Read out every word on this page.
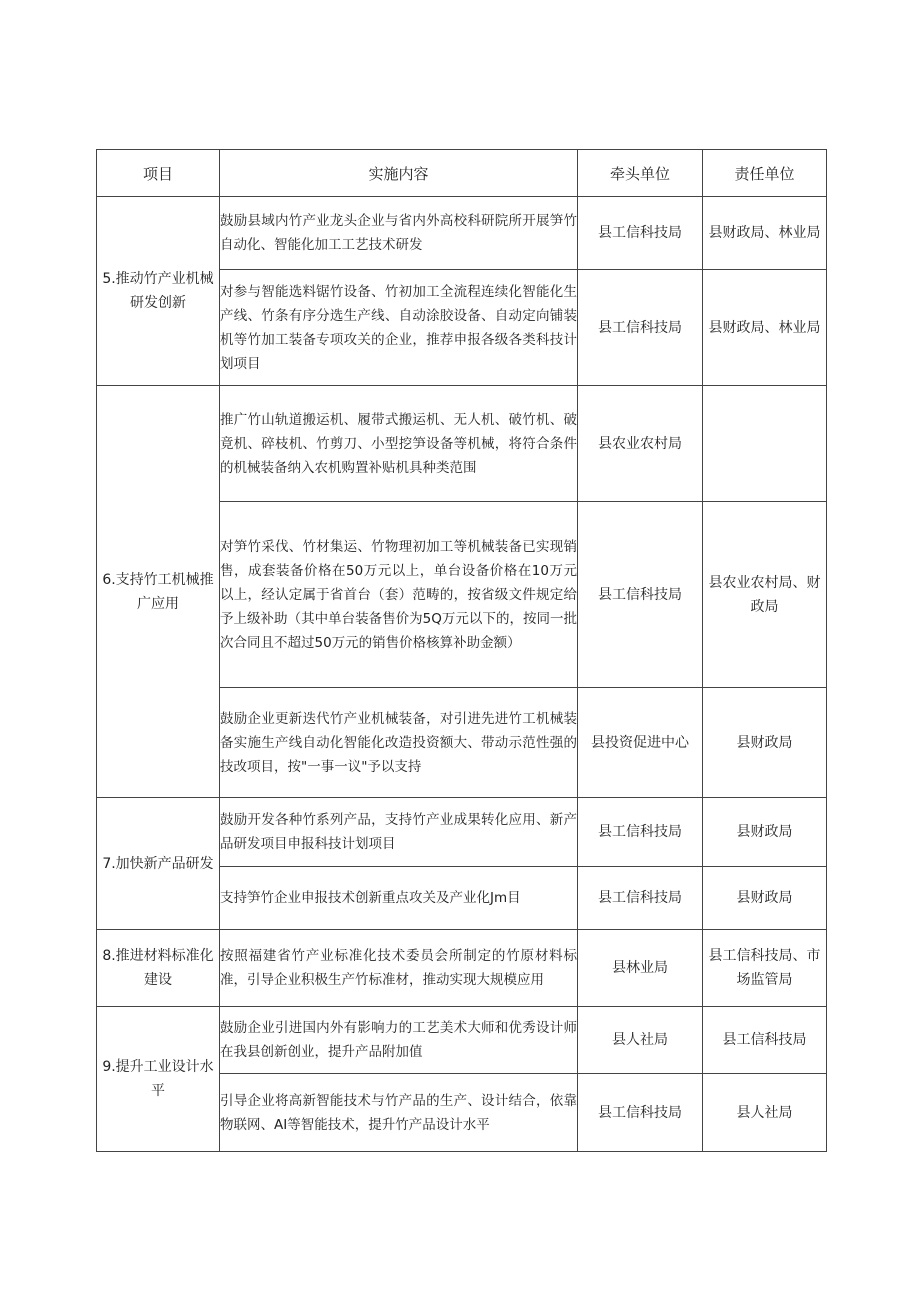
项目	实施内容	牵头单位	责任单位
5.推动竹产业机械研发创新	鼓励县域内竹产业龙头企业与省内外高校科研院所开展笋竹自动化、智能化加工工艺技术研发	县工信科技局	县财政局、林业局
	对参与智能选料锯竹设备、竹初加工全流程连续化智能化生产线、竹条有序分选生产线、自动涂胶设备、自动定向铺装机等竹加工装备专项攻关的企业，推荐申报各级各类科技计划项目	县工信科技局	县财政局、林业局
6.支持竹工机械推广应用	推广竹山轨道搬运机、履带式搬运机、无人机、破竹机、破竟机、碎枝机、竹剪刀、小型挖笋设备等机械，将符合条件的机械装备纳入农机购置补贴机具种类范围	县农业农村局	
	对笋竹采伐、竹材集运、竹物理初加工等机械装备已实现销售，成套装备价格在50万元以上，单台设备价格在10万元以上，经认定属于省首台（套）范畴的，按省级文件规定给予上级补助（其中单台装备售价为5Q万元以下的，按同一批次合同且不超过50万元的销售价格核算补助金额）	县工信科技局	县农业农村局、财政局
	鼓励企业更新迭代竹产业机械装备，对引进先进竹工机械装备实施生产线自动化智能化改造投资额大、带动示范性强的技改项目，按"一事一议"予以支持	县投资促进中心	县财政局
7.加快新产品研发	鼓励开发各种竹系列产品，支持竹产业成果转化应用、新产品研发项目申报科技计划项目	县工信科技局	县财政局
	支持笋竹企业申报技术创新重点攻关及产业化Jm目	县工信科技局	县财政局
8.推进材料标准化建设	按照福建省竹产业标准化技术委员会所制定的竹原材料标准，引导企业积极生产竹标准材，推动实现大规模应用	县林业局	县工信科技局、市场监管局
9.提升工业设计水平	鼓励企业引进国内外有影响力的工艺美术大师和优秀设计师在我县创新创业，提升产品附加值	县人社局	县工信科技局
	引导企业将高新智能技术与竹产品的生产、设计结合，依靠物联网、AI等智能技术，提升竹产品设计水平	县工信科技局	县人社局
